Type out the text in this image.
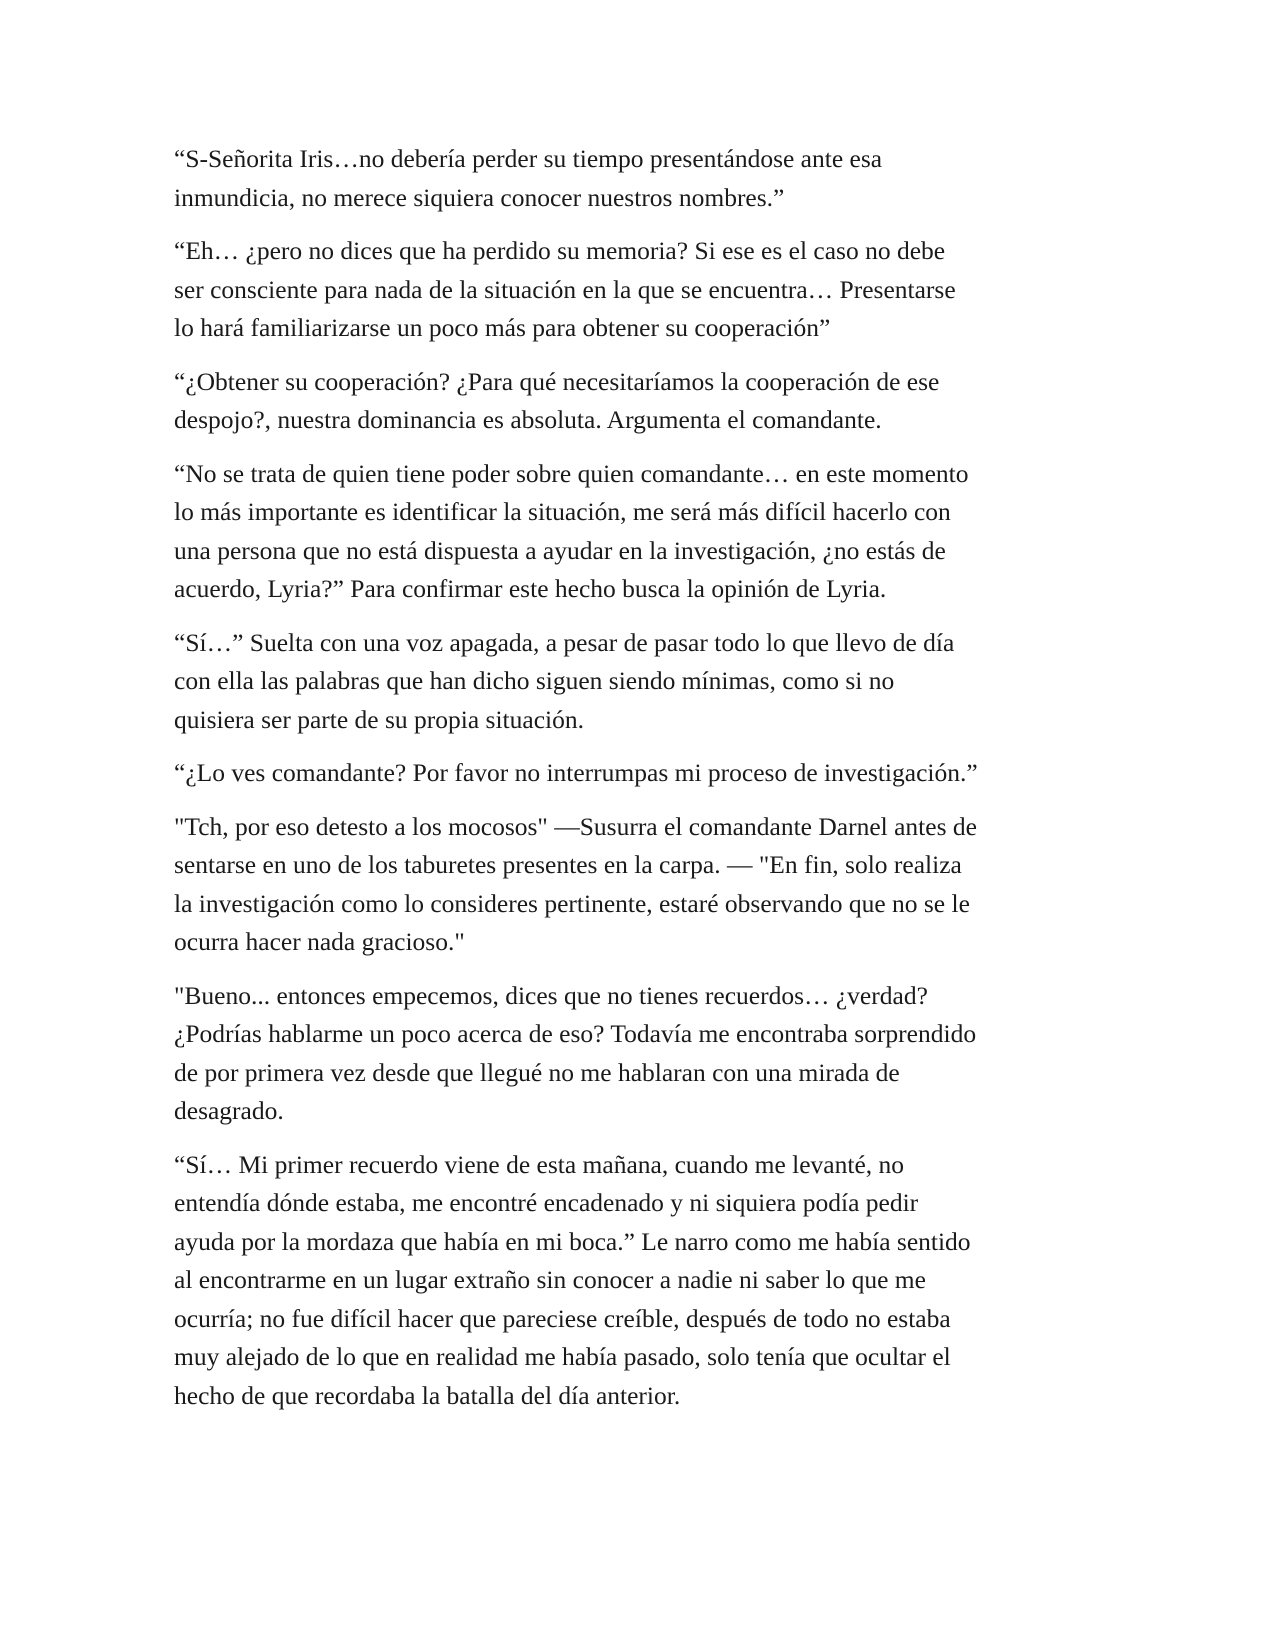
“S-Señorita Iris…no debería perder su tiempo presentándose ante esa
inmundicia, no merece siquiera conocer nuestros nombres.”

“Eh… ¿pero no dices que ha perdido su memoria? Si ese es el caso no debe
ser consciente para nada de la situación en la que se encuentra… Presentarse
lo hará familiarizarse un poco más para obtener su cooperación”

“¿Obtener su cooperación? ¿Para qué necesitaríamos la cooperación de ese
despojo?, nuestra dominancia es absoluta. Argumenta el comandante.

“No se trata de quien tiene poder sobre quien comandante… en este momento
lo más importante es identificar la situación, me será más difícil hacerlo con
una persona que no está dispuesta a ayudar en la investigación, ¿no estás de
acuerdo, Lyria?” Para confirmar este hecho busca la opinión de Lyria.

“Sí…” Suelta con una voz apagada, a pesar de pasar todo lo que llevo de día
con ella las palabras que han dicho siguen siendo mínimas, como si no
quisiera ser parte de su propia situación.

“¿Lo ves comandante? Por favor no interrumpas mi proceso de investigación.”

"Tch, por eso detesto a los mocosos" —Susurra el comandante Darnel antes de
sentarse en uno de los taburetes presentes en la carpa. — "En fin, solo realiza
la investigación como lo consideres pertinente, estaré observando que no se le
ocurra hacer nada gracioso."

"Bueno... entonces empecemos, dices que no tienes recuerdos… ¿verdad?
¿Podrías hablarme un poco acerca de eso? Todavía me encontraba sorprendido
de por primera vez desde que llegué no me hablaran con una mirada de
desagrado.

“Sí… Mi primer recuerdo viene de esta mañana, cuando me levanté, no
entendía dónde estaba, me encontré encadenado y ni siquiera podía pedir
ayuda por la mordaza que había en mi boca.” Le narro como me había sentido
al encontrarme en un lugar extraño sin conocer a nadie ni saber lo que me
ocurría; no fue difícil hacer que pareciese creíble, después de todo no estaba
muy alejado de lo que en realidad me había pasado, solo tenía que ocultar el
hecho de que recordaba la batalla del día anterior.
